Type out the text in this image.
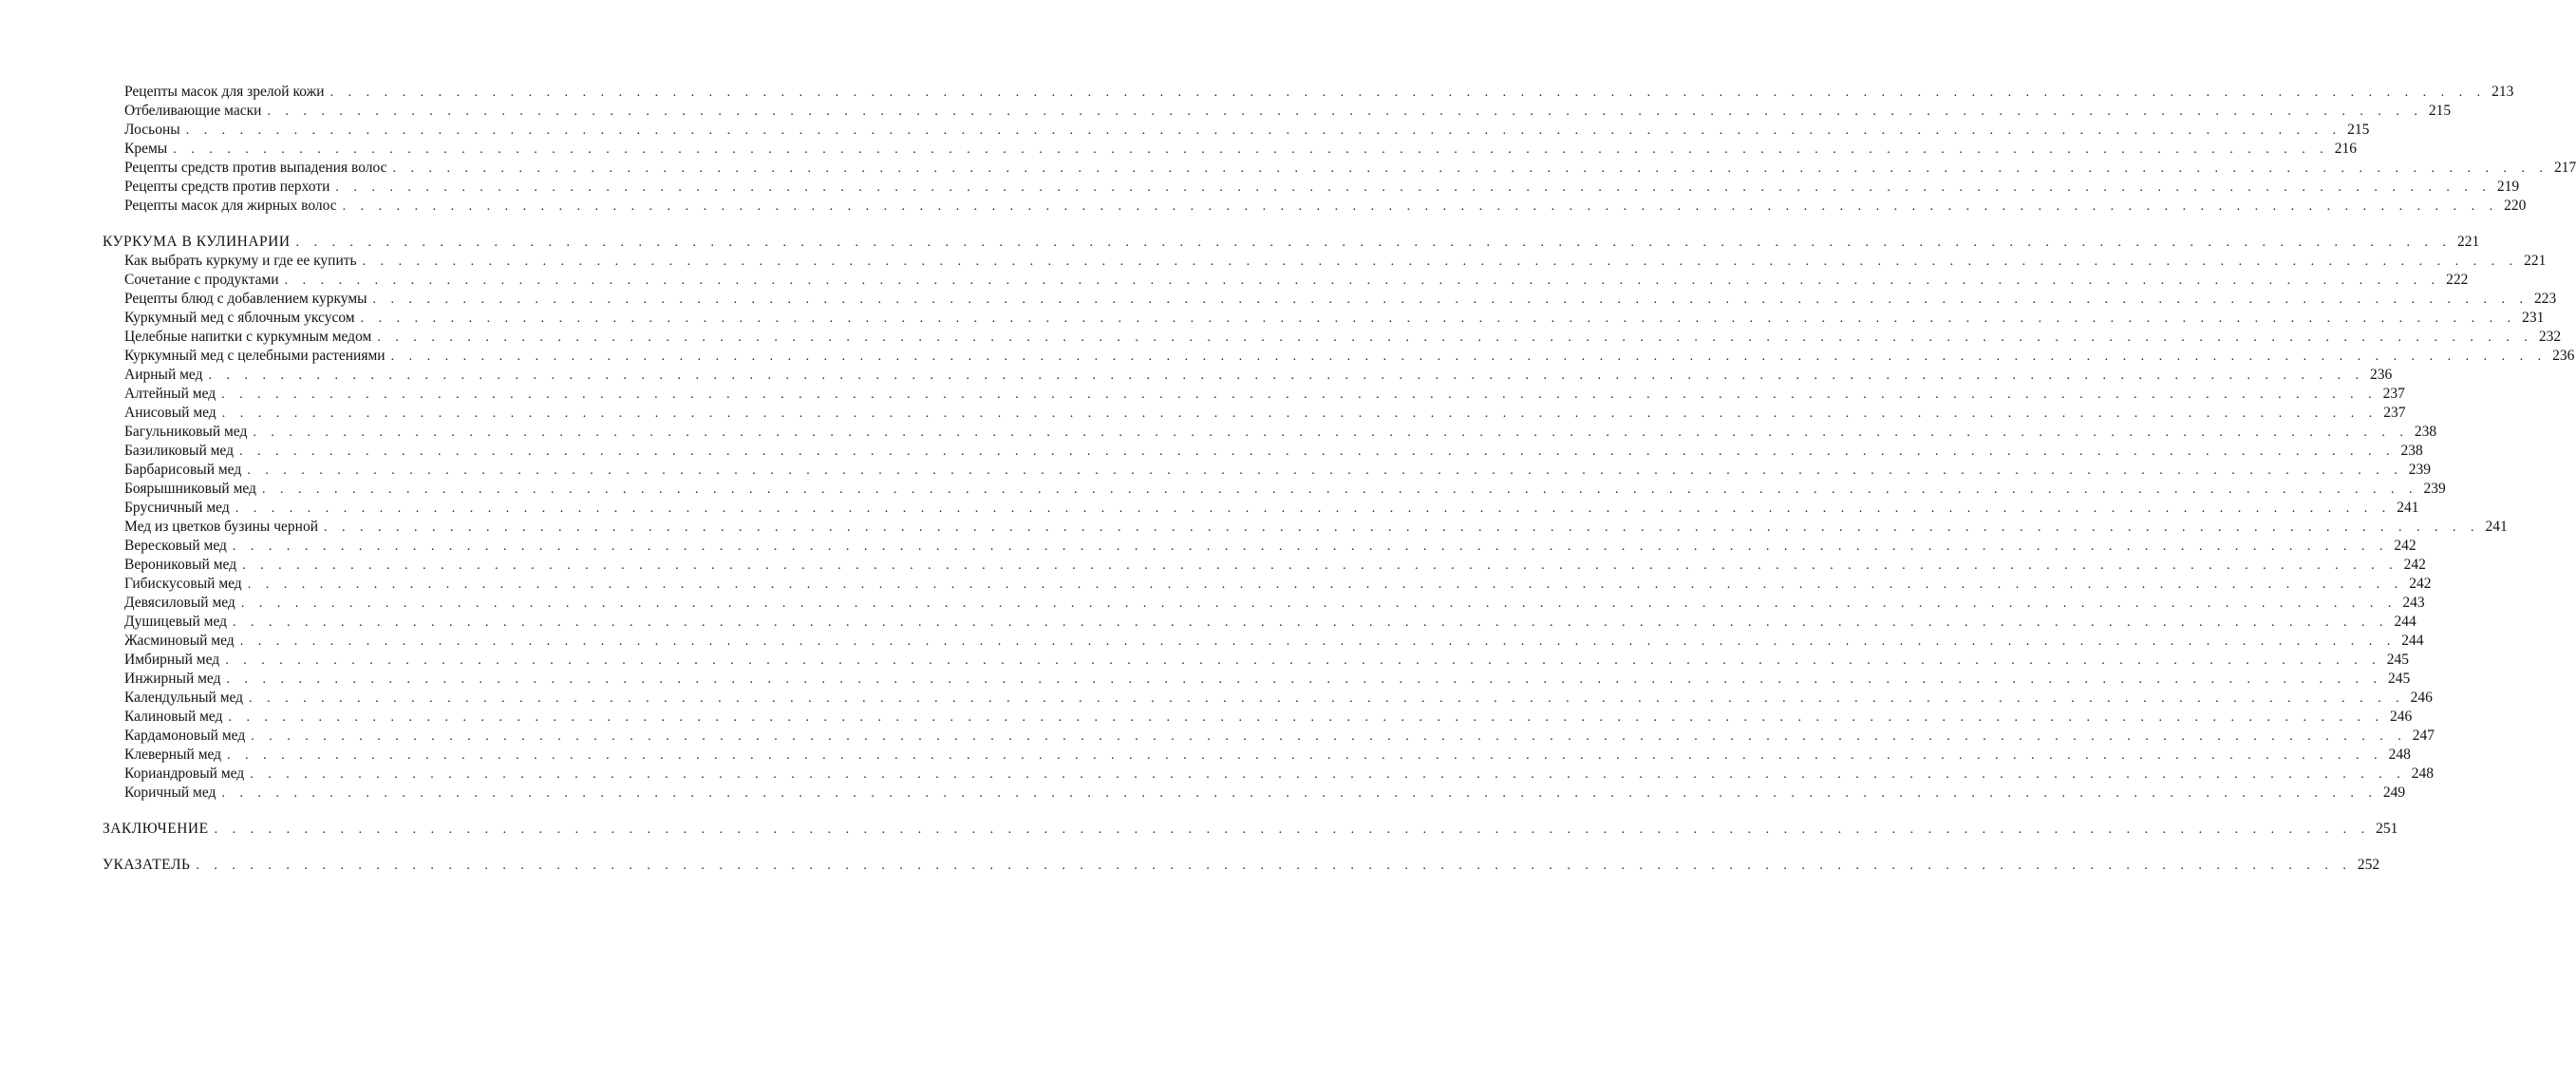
Рецепты масок для зрелой кожи . . . . . . . . . . . . . . . . . . . . . . . . . . . . . . . . . . . . . . . . . . . . . . . . . . . . . . . . . . . . . . . . . . . . . . . . . . . . . . . . . . . . . . . . . . . . . . . . . . . . . . . . . . . . . . . . . . . . . . . . 213
Отбеливающие маски . . . . . . . . . . . . . . . . . . . . . . . . . . . . . . . . . . . . . . . . . . . . . . . . . . . . . . . . . . . . . . . . . . . . . . . . . . . . . . . . . . . . . . . . . . . . . . . . . . . . . . . . . . . . . . . . . . . . . . . . 215
Лосьоны . . . . . . . . . . . . . . . . . . . . . . . . . . . . . . . . . . . . . . . . . . . . . . . . . . . . . . . . . . . . . . . . . . . . . . . . . . . . . . . . . . . . . . . . . . . . . . . . . . . . . . . . . . . . . . . . . . . . . . . . 215
Кремы . . . . . . . . . . . . . . . . . . . . . . . . . . . . . . . . . . . . . . . . . . . . . . . . . . . . . . . . . . . . . . . . . . . . . . . . . . . . . . . . . . . . . . . . . . . . . . . . . . . . . . . . . . . . . . . . . . . . . . . . 216
Рецепты средств против выпадения волос . . . . . . . . . . . . . . . . . . . . . . . . . . . . . . . . . . . . . . . . . . . . . . . . . . . . . . . . . . . . . . . . . . . . . . . . . . . . . . . . . . . . . . . . . . . . . . . . . . . . . . . . . . . . . . . . . . . . . . . . 217
Рецепты средств против перхоти . . . . . . . . . . . . . . . . . . . . . . . . . . . . . . . . . . . . . . . . . . . . . . . . . . . . . . . . . . . . . . . . . . . . . . . . . . . . . . . . . . . . . . . . . . . . . . . . . . . . . . . . . . . . . . . . . . . . . . . . 219
Рецепты масок для жирных волос . . . . . . . . . . . . . . . . . . . . . . . . . . . . . . . . . . . . . . . . . . . . . . . . . . . . . . . . . . . . . . . . . . . . . . . . . . . . . . . . . . . . . . . . . . . . . . . . . . . . . . . . . . . . . . . . . . . . . . . . 220
КУРКУМА В КУЛИНАРИИ . . . . . . . . . . . . . . . . . . . . . . . . . . . . . . . . . . . . . . . . . . . . . . . . . . . . . . . . . . . . . . . . . . . . . . . . . . . . . . . . . . . . . . . . . . . . . . . . . . . . . . . . . . . . . . . . . . . . . . . . 221
Как выбрать куркуму и где ее купить . . . . . . . . . . . . . . . . . . . . . . . . . . . . . . . . . . . . . . . . . . . . . . . . . . . . . . . . . . . . . . . . . . . . . . . . . . . . . . . . . . . . . . . . . . . . . . . . . . . . . . . . . . . . . . . . . . . . . . . . 221
Сочетание с продуктами . . . . . . . . . . . . . . . . . . . . . . . . . . . . . . . . . . . . . . . . . . . . . . . . . . . . . . . . . . . . . . . . . . . . . . . . . . . . . . . . . . . . . . . . . . . . . . . . . . . . . . . . . . . . . . . . . . . . . . . . 222
Рецепты блюд с добавлением куркумы . . . . . . . . . . . . . . . . . . . . . . . . . . . . . . . . . . . . . . . . . . . . . . . . . . . . . . . . . . . . . . . . . . . . . . . . . . . . . . . . . . . . . . . . . . . . . . . . . . . . . . . . . . . . . . . . . . . . . . . . 223
Куркумный мед с яблочным уксусом . . . . . . . . . . . . . . . . . . . . . . . . . . . . . . . . . . . . . . . . . . . . . . . . . . . . . . . . . . . . . . . . . . . . . . . . . . . . . . . . . . . . . . . . . . . . . . . . . . . . . . . . . . . . . . . . . . . . . . . . 231
Целебные напитки с куркумным медом . . . . . . . . . . . . . . . . . . . . . . . . . . . . . . . . . . . . . . . . . . . . . . . . . . . . . . . . . . . . . . . . . . . . . . . . . . . . . . . . . . . . . . . . . . . . . . . . . . . . . . . . . . . . . . . . . . . . . . . . 232
Куркумный мед с целебными растениями . . . . . . . . . . . . . . . . . . . . . . . . . . . . . . . . . . . . . . . . . . . . . . . . . . . . . . . . . . . . . . . . . . . . . . . . . . . . . . . . . . . . . . . . . . . . . . . . . . . . . . . . . . . . . . . . . . . . . . . . 236
Аирный мед . . . . . . . . . . . . . . . . . . . . . . . . . . . . . . . . . . . . . . . . . . . . . . . . . . . . . . . . . . . . . . . . . . . . . . . . . . . . . . . . . . . . . . . . . . . . . . . . . . . . . . . . . . . . . . . . . . . . . . . . 236
Алтейный мед . . . . . . . . . . . . . . . . . . . . . . . . . . . . . . . . . . . . . . . . . . . . . . . . . . . . . . . . . . . . . . . . . . . . . . . . . . . . . . . . . . . . . . . . . . . . . . . . . . . . . . . . . . . . . . . . . . . . . . . . 237
Анисовый мед . . . . . . . . . . . . . . . . . . . . . . . . . . . . . . . . . . . . . . . . . . . . . . . . . . . . . . . . . . . . . . . . . . . . . . . . . . . . . . . . . . . . . . . . . . . . . . . . . . . . . . . . . . . . . . . . . . . . . . . . 237
Багульниковый мед . . . . . . . . . . . . . . . . . . . . . . . . . . . . . . . . . . . . . . . . . . . . . . . . . . . . . . . . . . . . . . . . . . . . . . . . . . . . . . . . . . . . . . . . . . . . . . . . . . . . . . . . . . . . . . . . . . . . . . . . 238
Базиликовый мед . . . . . . . . . . . . . . . . . . . . . . . . . . . . . . . . . . . . . . . . . . . . . . . . . . . . . . . . . . . . . . . . . . . . . . . . . . . . . . . . . . . . . . . . . . . . . . . . . . . . . . . . . . . . . . . . . . . . . . . . 238
Барбарисовый мед . . . . . . . . . . . . . . . . . . . . . . . . . . . . . . . . . . . . . . . . . . . . . . . . . . . . . . . . . . . . . . . . . . . . . . . . . . . . . . . . . . . . . . . . . . . . . . . . . . . . . . . . . . . . . . . . . . . . . . . . 239
Боярышниковый мед . . . . . . . . . . . . . . . . . . . . . . . . . . . . . . . . . . . . . . . . . . . . . . . . . . . . . . . . . . . . . . . . . . . . . . . . . . . . . . . . . . . . . . . . . . . . . . . . . . . . . . . . . . . . . . . . . . . . . . . . 239
Брусничный мед . . . . . . . . . . . . . . . . . . . . . . . . . . . . . . . . . . . . . . . . . . . . . . . . . . . . . . . . . . . . . . . . . . . . . . . . . . . . . . . . . . . . . . . . . . . . . . . . . . . . . . . . . . . . . . . . . . . . . . . . 241
Мед из цветков бузины черной . . . . . . . . . . . . . . . . . . . . . . . . . . . . . . . . . . . . . . . . . . . . . . . . . . . . . . . . . . . . . . . . . . . . . . . . . . . . . . . . . . . . . . . . . . . . . . . . . . . . . . . . . . . . . . . . . . . . . . . . 241
Вересковый мед . . . . . . . . . . . . . . . . . . . . . . . . . . . . . . . . . . . . . . . . . . . . . . . . . . . . . . . . . . . . . . . . . . . . . . . . . . . . . . . . . . . . . . . . . . . . . . . . . . . . . . . . . . . . . . . . . . . . . . . . 242
Верониковый мед . . . . . . . . . . . . . . . . . . . . . . . . . . . . . . . . . . . . . . . . . . . . . . . . . . . . . . . . . . . . . . . . . . . . . . . . . . . . . . . . . . . . . . . . . . . . . . . . . . . . . . . . . . . . . . . . . . . . . . . . 242
Гибискусовый мед . . . . . . . . . . . . . . . . . . . . . . . . . . . . . . . . . . . . . . . . . . . . . . . . . . . . . . . . . . . . . . . . . . . . . . . . . . . . . . . . . . . . . . . . . . . . . . . . . . . . . . . . . . . . . . . . . . . . . . . . 242
Девясиловый мед . . . . . . . . . . . . . . . . . . . . . . . . . . . . . . . . . . . . . . . . . . . . . . . . . . . . . . . . . . . . . . . . . . . . . . . . . . . . . . . . . . . . . . . . . . . . . . . . . . . . . . . . . . . . . . . . . . . . . . . . 243
Душицевый мед . . . . . . . . . . . . . . . . . . . . . . . . . . . . . . . . . . . . . . . . . . . . . . . . . . . . . . . . . . . . . . . . . . . . . . . . . . . . . . . . . . . . . . . . . . . . . . . . . . . . . . . . . . . . . . . . . . . . . . . . 244
Жасминовый мед . . . . . . . . . . . . . . . . . . . . . . . . . . . . . . . . . . . . . . . . . . . . . . . . . . . . . . . . . . . . . . . . . . . . . . . . . . . . . . . . . . . . . . . . . . . . . . . . . . . . . . . . . . . . . . . . . . . . . . . . 244
Имбирный мед . . . . . . . . . . . . . . . . . . . . . . . . . . . . . . . . . . . . . . . . . . . . . . . . . . . . . . . . . . . . . . . . . . . . . . . . . . . . . . . . . . . . . . . . . . . . . . . . . . . . . . . . . . . . . . . . . . . . . . . . 245
Инжирный мед . . . . . . . . . . . . . . . . . . . . . . . . . . . . . . . . . . . . . . . . . . . . . . . . . . . . . . . . . . . . . . . . . . . . . . . . . . . . . . . . . . . . . . . . . . . . . . . . . . . . . . . . . . . . . . . . . . . . . . . . 245
Календульный мед . . . . . . . . . . . . . . . . . . . . . . . . . . . . . . . . . . . . . . . . . . . . . . . . . . . . . . . . . . . . . . . . . . . . . . . . . . . . . . . . . . . . . . . . . . . . . . . . . . . . . . . . . . . . . . . . . . . . . . . . 246
Калиновый мед . . . . . . . . . . . . . . . . . . . . . . . . . . . . . . . . . . . . . . . . . . . . . . . . . . . . . . . . . . . . . . . . . . . . . . . . . . . . . . . . . . . . . . . . . . . . . . . . . . . . . . . . . . . . . . . . . . . . . . . . 246
Кардамоновый мед . . . . . . . . . . . . . . . . . . . . . . . . . . . . . . . . . . . . . . . . . . . . . . . . . . . . . . . . . . . . . . . . . . . . . . . . . . . . . . . . . . . . . . . . . . . . . . . . . . . . . . . . . . . . . . . . . . . . . . . . 247
Клеверный мед . . . . . . . . . . . . . . . . . . . . . . . . . . . . . . . . . . . . . . . . . . . . . . . . . . . . . . . . . . . . . . . . . . . . . . . . . . . . . . . . . . . . . . . . . . . . . . . . . . . . . . . . . . . . . . . . . . . . . . . . 248
Кориандровый мед . . . . . . . . . . . . . . . . . . . . . . . . . . . . . . . . . . . . . . . . . . . . . . . . . . . . . . . . . . . . . . . . . . . . . . . . . . . . . . . . . . . . . . . . . . . . . . . . . . . . . . . . . . . . . . . . . . . . . . . . 248
Коричный мед . . . . . . . . . . . . . . . . . . . . . . . . . . . . . . . . . . . . . . . . . . . . . . . . . . . . . . . . . . . . . . . . . . . . . . . . . . . . . . . . . . . . . . . . . . . . . . . . . . . . . . . . . . . . . . . . . . . . . . . . 249
ЗАКЛЮЧЕНИЕ . . . . . . . . . . . . . . . . . . . . . . . . . . . . . . . . . . . . . . . . . . . . . . . . . . . . . . . . . . . . . . . . . . . . . . . . . . . . . . . . . . . . . . . . . . . . . . . . . . . . . . . . . . . . . . . . . . . . . . . . 251
УКАЗАТЕЛЬ . . . . . . . . . . . . . . . . . . . . . . . . . . . . . . . . . . . . . . . . . . . . . . . . . . . . . . . . . . . . . . . . . . . . . . . . . . . . . . . . . . . . . . . . . . . . . . . . . . . . . . . . . . . . . . . . . . . . . . . . 252
